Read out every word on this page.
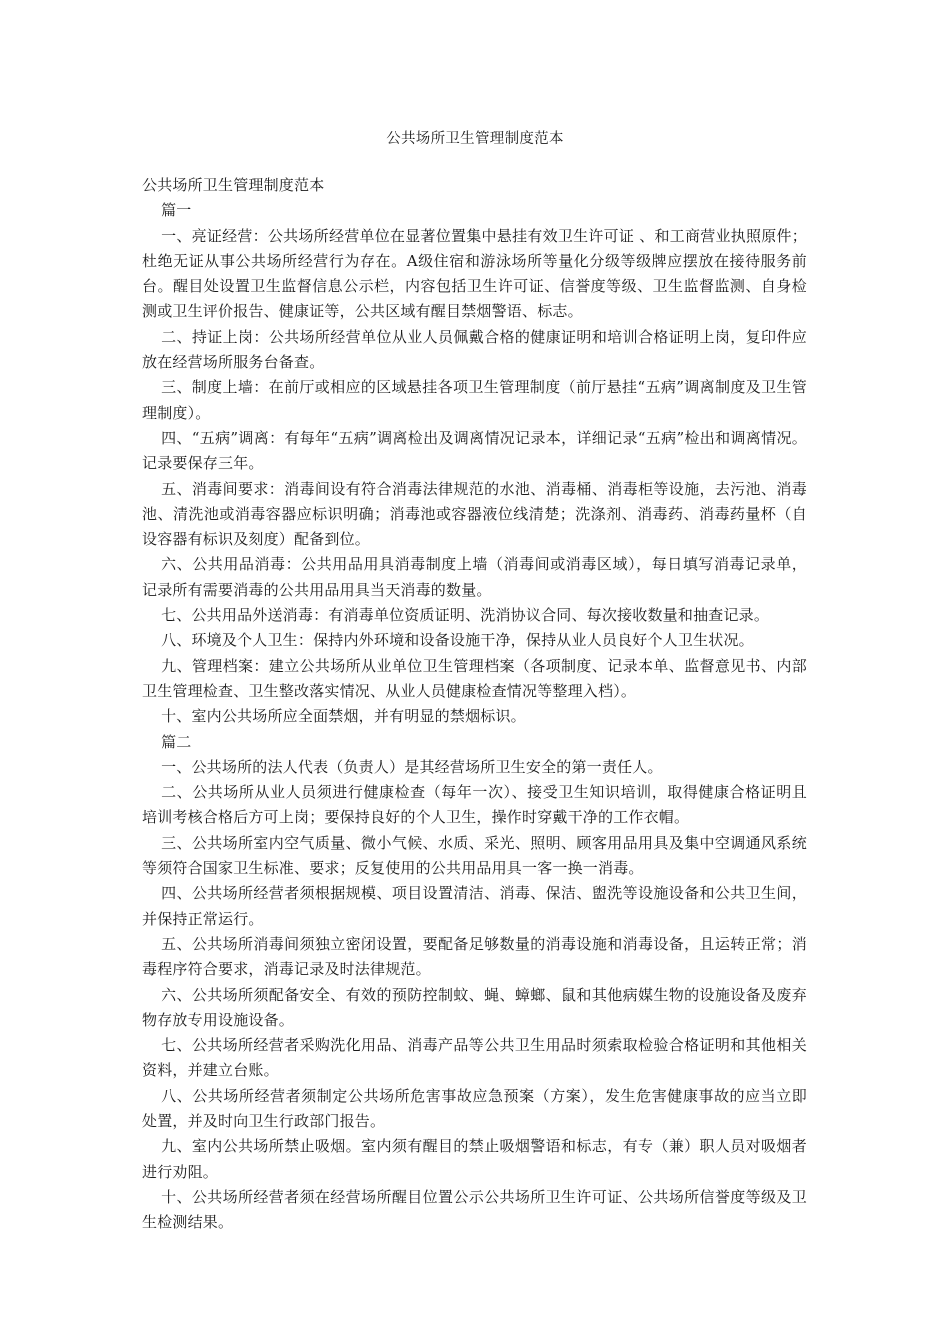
公共场所卫生管理制度范本

公共场所卫生管理制度范本

篇一

一、亮证经营：公共场所经营单位在显著位置集中悬挂有效卫生许可证 、和工商营业执照原件；杜绝无证从事公共场所经营行为存在。A级住宿和游泳场所等量化分级等级牌应摆放在接待服务前台。醒目处设置卫生监督信息公示栏，内容包括卫生许可证、信誉度等级、卫生监督监测、自身检测或卫生评价报告、健康证等，公共区域有醒目禁烟警语、标志。

二、持证上岗：公共场所经营单位从业人员佩戴合格的健康证明和培训合格证明上岗，复印件应放在经营场所服务台备查。

三、制度上墙：在前厅或相应的区域悬挂各项卫生管理制度（前厅悬挂“五病”调离制度及卫生管理制度）。

四、“五病”调离：有每年“五病”调离检出及调离情况记录本，详细记录“五病”检出和调离情况。记录要保存三年。

五、消毒间要求：消毒间设有符合消毒法律规范的水池、消毒桶、消毒柜等设施，去污池、消毒池、清洗池或消毒容器应标识明确；消毒池或容器液位线清楚；洗涤剂、消毒药、消毒药量杯（自设容器有标识及刻度）配备到位。

六、公共用品消毒：公共用品用具消毒制度上墙（消毒间或消毒区域），每日填写消毒记录单，记录所有需要消毒的公共用品用具当天消毒的数量。

七、公共用品外送消毒：有消毒单位资质证明、洗消协议合同、每次接收数量和抽查记录。

八、环境及个人卫生：保持内外环境和设备设施干净，保持从业人员良好个人卫生状况。

九、管理档案：建立公共场所从业单位卫生管理档案（各项制度、记录本单、监督意见书、内部卫生管理检查、卫生整改落实情况、从业人员健康检查情况等整理入档）。

十、室内公共场所应全面禁烟，并有明显的禁烟标识。

篇二

一、公共场所的法人代表（负责人）是其经营场所卫生安全的第一责任人。

二、公共场所从业人员须进行健康检查（每年一次）、接受卫生知识培训，取得健康合格证明且培训考核合格后方可上岗；要保持良好的个人卫生，操作时穿戴干净的工作衣帽。

三、公共场所室内空气质量、微小气候、水质、采光、照明、顾客用品用具及集中空调通风系统等须符合国家卫生标准、要求；反复使用的公共用品用具一客一换一消毒。

四、公共场所经营者须根据规模、项目设置清洁、消毒、保洁、盥洗等设施设备和公共卫生间，并保持正常运行。

五、公共场所消毒间须独立密闭设置，要配备足够数量的消毒设施和消毒设备，且运转正常；消毒程序符合要求，消毒记录及时法律规范。

六、公共场所须配备安全、有效的预防控制蚊、蝇、蟑螂、鼠和其他病媒生物的设施设备及废弃物存放专用设施设备。

七、公共场所经营者采购洗化用品、消毒产品等公共卫生用品时须索取检验合格证明和其他相关资料，并建立台账。

八、公共场所经营者须制定公共场所危害事故应急预案（方案），发生危害健康事故的应当立即处置，并及时向卫生行政部门报告。

九、室内公共场所禁止吸烟。室内须有醒目的禁止吸烟警语和标志，有专（兼）职人员对吸烟者进行劝阻。

十、公共场所经营者须在经营场所醒目位置公示公共场所卫生许可证、公共场所信誉度等级及卫生检测结果。
